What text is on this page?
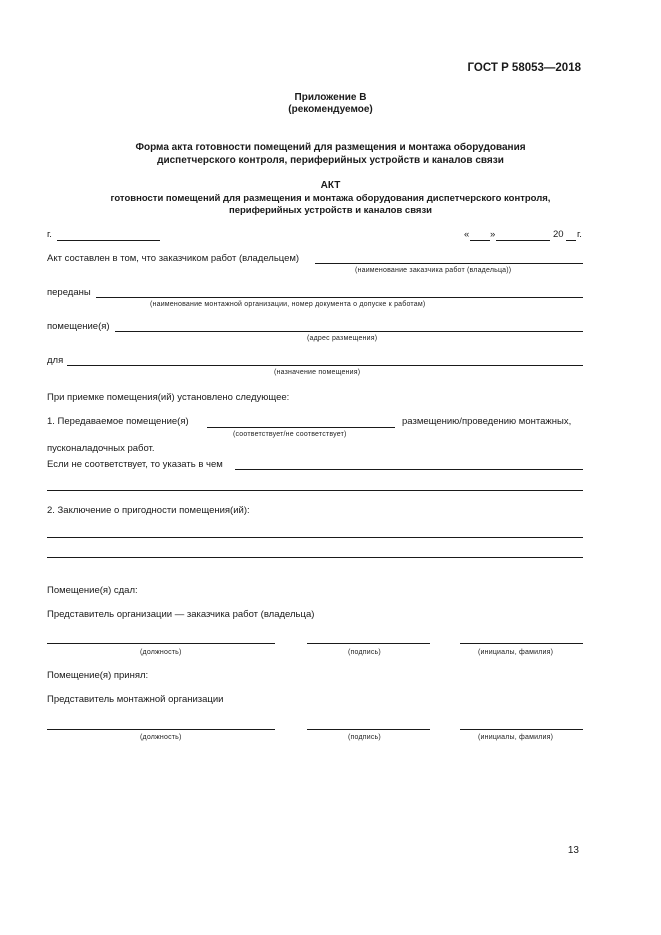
ГОСТ Р 58053—2018
Приложение В
(рекомендуемое)
Форма акта готовности помещений для размещения и монтажа оборудования
диспетчерского контроля, периферийных устройств и каналов связи
АКТ
готовности помещений для размещения и монтажа оборудования диспетчерского контроля,
периферийных устройств и каналов связи
г.	« »	20 г.
Акт составлен в том, что заказчиком работ (владельцем)
(наименование заказчика работ (владельца))
переданы
(наименование монтажной организации, номер документа о допуске к работам)
помещение(я)
(адрес размещения)
для
(назначение помещения)
При приемке помещения(ий) установлено следующее:
1. Передаваемое помещение(я)	размещению/проведению монтажных,
(соответствует/не соответствует)
пусконаладочных работ.
Если не соответствует, то указать в чем
2. Заключение о пригодности помещения(ий):
Помещение(я) сдал:
Представитель организации — заказчика работ (владельца)
(должность)	(подпись)	(инициалы, фамилия)
Помещение(я) принял:
Представитель монтажной организации
(должность)	(подпись)	(инициалы, фамилия)
13
